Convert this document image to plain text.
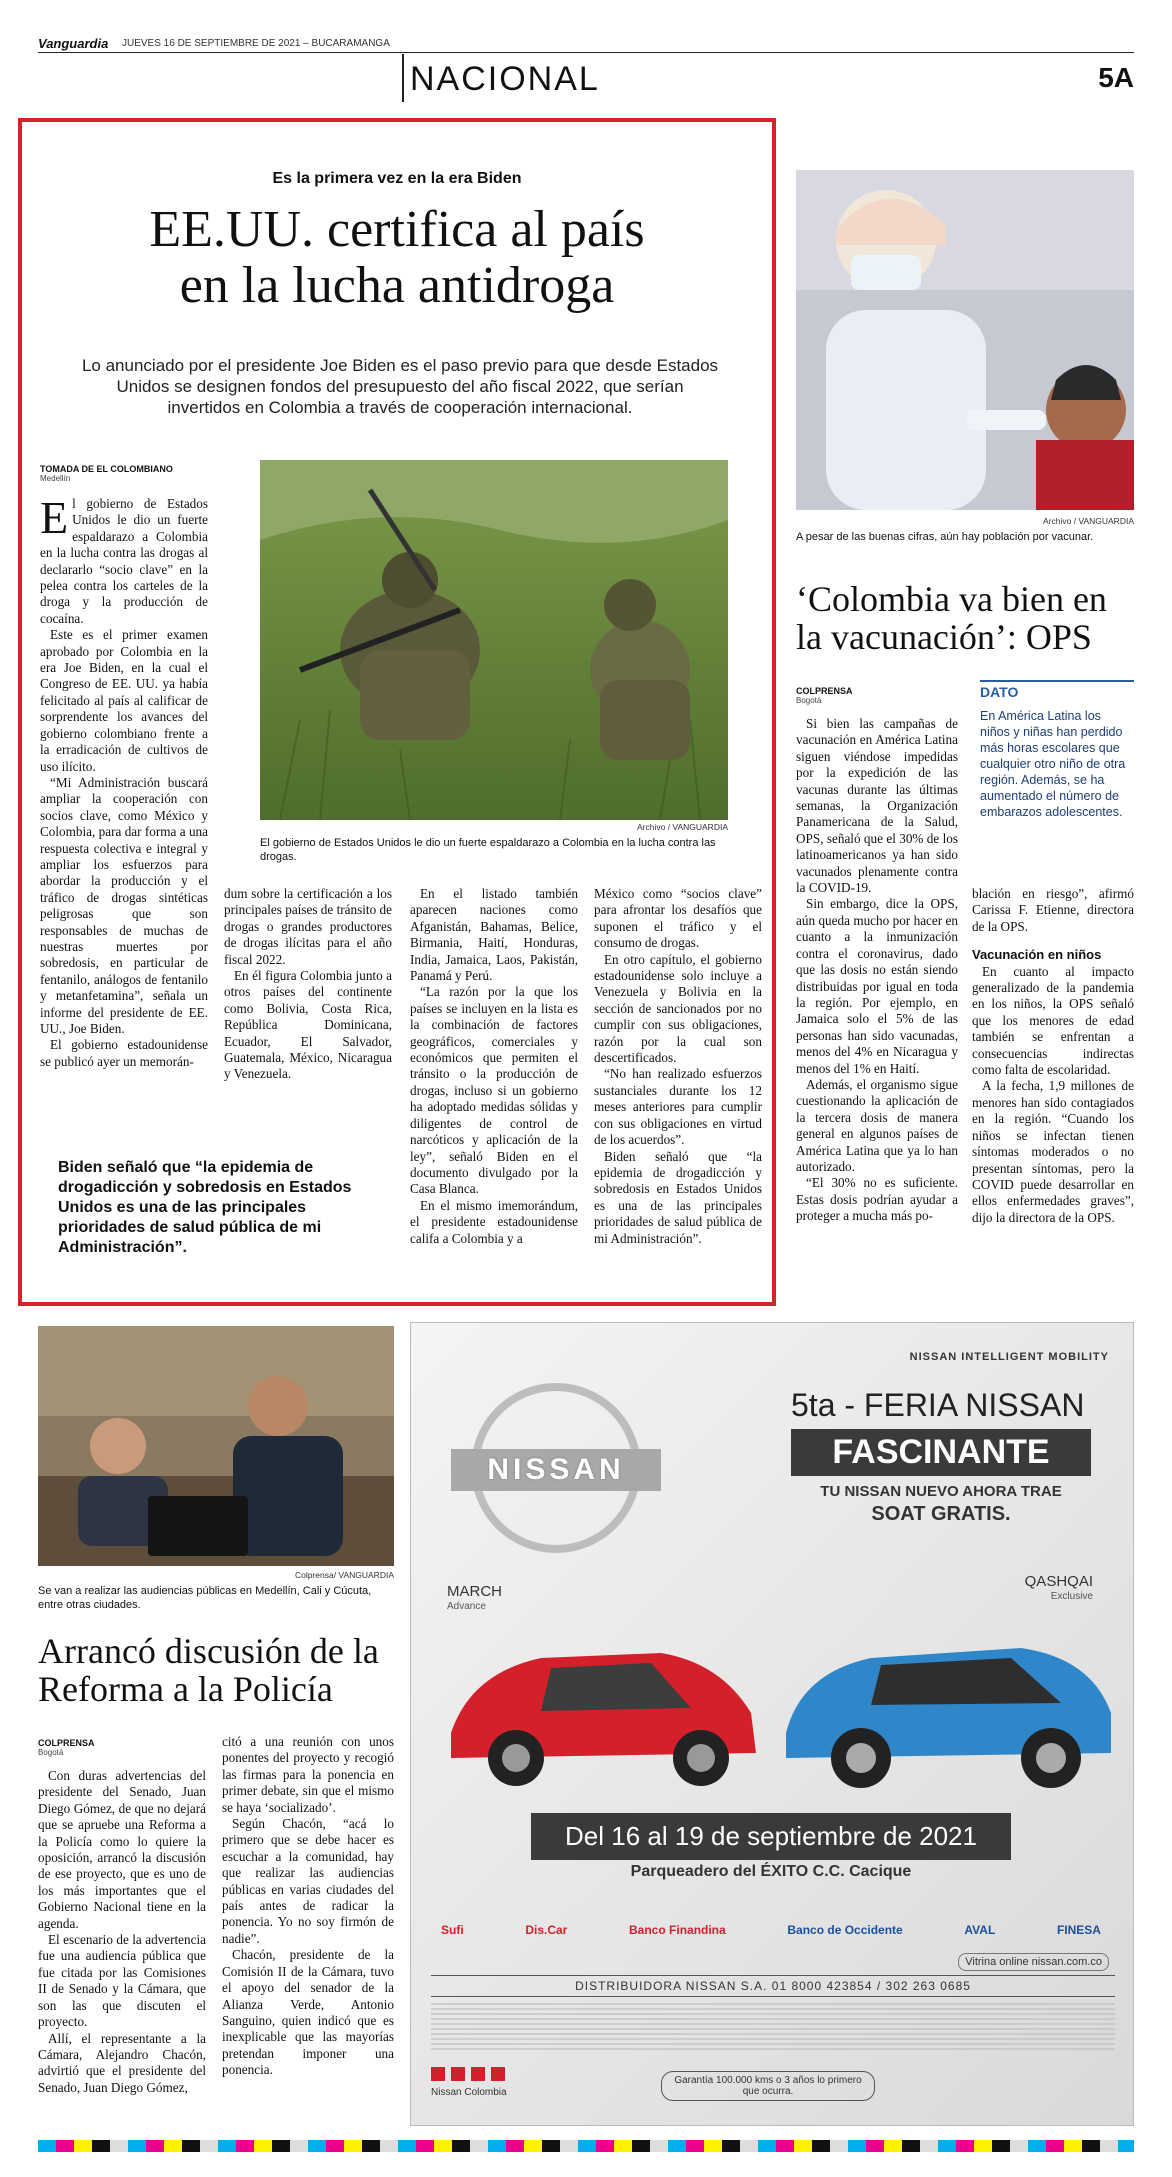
Vanguardia JUEVES 16 DE SEPTIEMBRE DE 2021 – BUCARAMANGA
NACIONAL	5A
Es la primera vez en la era Biden
EE.UU. certifica al país en la lucha antidroga
Lo anunciado por el presidente Joe Biden es el paso previo para que desde Estados Unidos se designen fondos del presupuesto del año fiscal 2022, que serían invertidos en Colombia a través de cooperación internacional.
TOMADA DE EL COLOMBIANO
Medellín
Archivo / VANGUARDIA
El gobierno de Estados Unidos le dio un fuerte espaldarazo a Colombia en la lucha contra las drogas.

El gobierno de Estados Unidos le dio un fuerte espaldarazo a Colombia en la lucha contra las drogas al declararlo “socio clave” en la pelea contra los carteles de la droga y la producción de cocaína.

Este es el primer examen aprobado por Colombia en la era Joe Biden, en la cual el Congreso de EE. UU. ya había felicitado al país al calificar de sorprendente los avances del gobierno colombiano frente a la erradicación de cultivos de uso ilícito.

“Mi Administración buscará ampliar la cooperación con socios clave, como México y Colombia, para dar forma a una respuesta colectiva e integral y ampliar los esfuerzos para abordar la producción y el tráfico de drogas sintéticas peligrosas que son responsables de muchas de nuestras muertes por sobredosis, en particular de fentanilo, análogos de fentanilo y metanfetamina”, señala un informe del presidente de EE. UU., Joe Biden.

El gobierno estadounidense se publicó ayer un memorán-

dum sobre la certificación a los principales países de tránsito de drogas o grandes productores de drogas ilícitas para el año fiscal 2022.

En él figura Colombia junto a otros países del continente como Bolivia, Costa Rica, República Dominicana, Ecuador, El Salvador, Guatemala, México, Nicaragua y Venezuela.

En el listado también aparecen naciones como Afganistán, Bahamas, Belice, Birmania, Haití, Honduras, India, Jamaica, Laos, Pakistán, Panamá y Perú.

“La razón por la que los países se incluyen en la lista es la combinación de factores geográficos, comerciales y económicos que permiten el tránsito o la producción de drogas, incluso si un gobierno ha adoptado medidas sólidas y diligentes de control de narcóticos y aplicación de la ley”, señaló Biden en el documento divulgado por la Casa Blanca.

En el mismo imemorándum, el presidente estadounidense califa a Colombia y a

México como “socios clave” para afrontar los desafíos que suponen el tráfico y el consumo de drogas.

En otro capítulo, el gobierno estadounidense solo incluye a Venezuela y Bolivia en la sección de sancionados por no cumplir con sus obligaciones, razón por la cual son descertificados.

“No han realizado esfuerzos sustanciales durante los 12 meses anteriores para cumplir con sus obligaciones en virtud de los acuerdos”.

Biden señaló que “la epidemia de drogadicción y sobredosis en Estados Unidos es una de las principales prioridades de salud pública de mi Administración”.

Biden señaló que “la epidemia de drogadicción y sobredosis en Estados Unidos es una de las principales prioridades de salud pública de mi Administración”.
Archivo / VANGUARDIA
A pesar de las buenas cifras, aún hay población por vacunar.
‘Colombia va bien en la vacunación’: OPS
COLPRENSA
Bogotá
DATO
En América Latina los niños y niñas han perdido más horas escolares que cualquier otro niño de otra región. Además, se ha aumentado el número de embarazos adolescentes.

Si bien las campañas de vacunación en América Latina siguen viéndose impedidas por la expedición de las vacunas durante las últimas semanas, la Organización Panamericana de la Salud, OPS, señaló que el 30% de los latinoamericanos ya han sido vacunados plenamente contra la COVID-19.

Sin embargo, dice la OPS, aún queda mucho por hacer en cuanto a la inmunización contra el coronavirus, dado que las dosis no están siendo distribuidas por igual en toda la región. Por ejemplo, en Jamaica solo el 5% de las personas han sido vacunadas, menos del 4% en Nicaragua y menos del 1% en Haití.

Además, el organismo sigue cuestionando la aplicación de la tercera dosis de manera general en algunos países de América Latina que ya lo han autorizado.

“El 30% no es suficiente. Estas dosis podrían ayudar a proteger a mucha más po-

blación en riesgo”, afirmó Carissa F. Etienne, directora de la OPS.

Vacunación en niños

En cuanto al impacto generalizado de la pandemia en los niños, la OPS señaló que los menores de edad también se enfrentan a consecuencias indirectas como falta de escolaridad.

A la fecha, 1,9 millones de menores han sido contagiados en la región. “Cuando los niños se infectan tienen síntomas moderados o no presentan síntomas, pero la COVID puede desarrollar en ellos enfermedades graves”, dijo la directora de la OPS.

Colprensa/ VANGUARDIA
Se van a realizar las audiencias públicas en Medellín, Cali y Cúcuta, entre otras ciudades.
Arrancó discusión de la Reforma a la Policía
COLPRENSA
Bogotá

Con duras advertencias del presidente del Senado, Juan Diego Gómez, de que no dejará que se apruebe una Reforma a la Policía como lo quiere la oposición, arrancó la discusión de ese proyecto, que es uno de los más importantes que el Gobierno Nacional tiene en la agenda.

El escenario de la advertencia fue una audiencia pública que fue citada por las Comisiones II de Senado y la Cámara, que son las que discuten el proyecto.

Allí, el representante a la Cámara, Alejandro Chacón, advirtió que el presidente del Senado, Juan Diego Gómez,

citó a una reunión con unos ponentes del proyecto y recogió las firmas para la ponencia en primer debate, sin que el mismo se haya ‘socializado’.

Según Chacón, “acá lo primero que se debe hacer es escuchar a la comunidad, hay que realizar las audiencias públicas en varias ciudades del país antes de radicar la ponencia. Yo no soy firmón de nadie”.

Chacón, presidente de la Comisión II de la Cámara, tuvo el apoyo del senador de la Alianza Verde, Antonio Sanguino, quien indicó que es inexplicable que las mayorías pretendan imponer una ponencia.

NISSAN INTELLIGENT MOBILITY
NISSAN
5ta - FERIA NISSAN
FASCINANTE
TU NISSAN NUEVO AHORA TRAE
SOAT GRATIS.
MARCH
Advance
QASHQAI
Exclusive
Del 16 al 19 de septiembre de 2021
Parqueadero del ÉXITO C.C. Cacique
Sufi	Dis.Car	Banco Finandina	Banco de Occidente	AVAL	FINESA
Vitrina online nissan.com.co
DISTRIBUIDORA NISSAN S.A. 01 8000 423854 / 302 263 0685
Nissan Colombia
Garantía 100.000 kms o 3 años lo primero que ocurra.
